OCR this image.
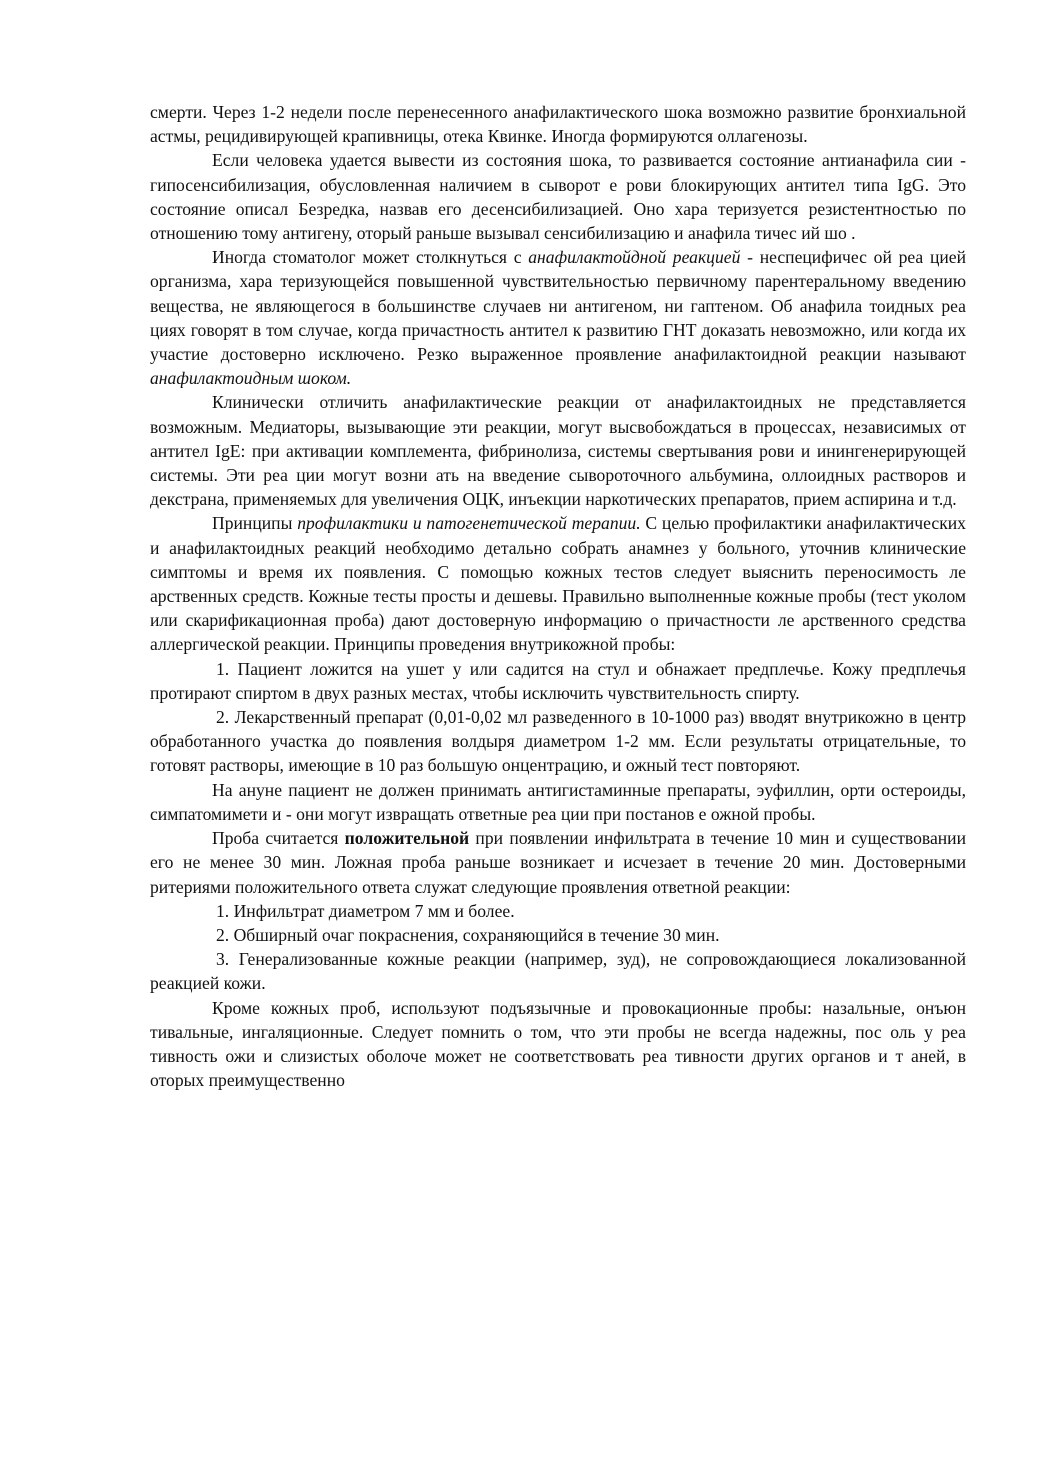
смерти. Через 1-2 недели после перенесенного анафилактического шока возможно развитие бронхиальной астмы, рецидивирующей крапивницы, отека Квинке. Иногда формируются оллагенозы.

Если человека удается вывести из состояния шока, то развивается состояние антианафила сии - гипосенсибилизация, обусловленная наличием в сыворот е рови блокирующих антител типа IgG. Это состояние описал Безредка, назвав его десенсибилизацией. Оно хара теризуется резистентностью по отношению тому антигену, оторый раньше вызывал сенсибилизацию и анафила тичес ий шо .

Иногда стоматолог может столкнуться с анафилактойдной реакцией - неспецифичес ой реа цией организма, хара теризующейся повышенной чувствительностью первичному парентеральному введению вещества, не являющегося в большинстве случаев ни антигеном, ни гаптеном. Об анафила тоидных реа циях говорят в том случае, когда причастность антител к развитию ГНТ доказать невозможно, или когда их участие достоверно исключено. Резко выраженное проявление анафилактоидной реакции называют анафилактоидным шоком.

Клинически отличить анафилактические реакции от анафилактоидных не представляется возможным. Медиаторы, вызывающие эти реакции, могут высвобождаться в процессах, независимых от антител IgE: при активации комплемента, фибринолиза, системы свертывания рови и инингенерирующей системы. Эти реа ции могут возни ать на введение сывороточного альбумина, оллоидных растворов и декстрана, применяемых для увеличения ОЦК, инъекции наркотических препаратов, прием аспирина и т.д.

Принципы профилактики и патогенетической терапии. С целью профилактики анафилактических и анафилактоидных реакций необходимо детально собрать анамнез у больного, уточнив клинические симптомы и время их появления. С помощью кожных тестов следует выяснить переносимость ле арственных средств. Кожные тесты просты и дешевы. Правильно выполненные кожные пробы (тест уколом или скарификационная проба) дают достоверную информацию о причастности ле арственного средства аллергической реакции. Принципы проведения внутрикожной пробы:

1. Пациент ложится на ушет у или садится на стул и обнажает предплечье. Кожу предплечья протирают спиртом в двух разных местах, чтобы исключить чувствительность спирту.

2. Лекарственный препарат (0,01-0,02 мл разведенного в 10-1000 раз) вводят внутрикожно в центр обработанного участка до появления волдыря диаметром 1-2 мм. Если результаты отрицательные, то готовят растворы, имеющие в 10 раз большую онцентрацию, и ожный тест повторяют.

На ануне пациент не должен принимать антигистаминные препараты, эуфиллин, орти остероиды, симпатомимети и - они могут извращать ответные реа ции при постанов е ожной пробы.

Проба считается положительной при появлении инфильтрата в течение 10 мин и существовании его не менее 30 мин. Ложная проба раньше возникает и исчезает в течение 20 мин. Достоверными ритериями положительного ответа служат следующие проявления ответной реакции:

1. Инфильтрат диаметром 7 мм и более.

2. Обширный очаг покраснения, сохраняющийся в течение 30 мин.

3. Генерализованные кожные реакции (например, зуд), не сопровождающиеся локализованной реакцией кожи.

Кроме кожных проб, используют подъязычные и провокационные пробы: назальные, онъюн тивальные, ингаляционные. Следует помнить о том, что эти пробы не всегда надежны, пос оль у реа тивность ожи и слизистых оболоче может не соответствовать реа тивности других органов и т аней, в оторых преимущественно
